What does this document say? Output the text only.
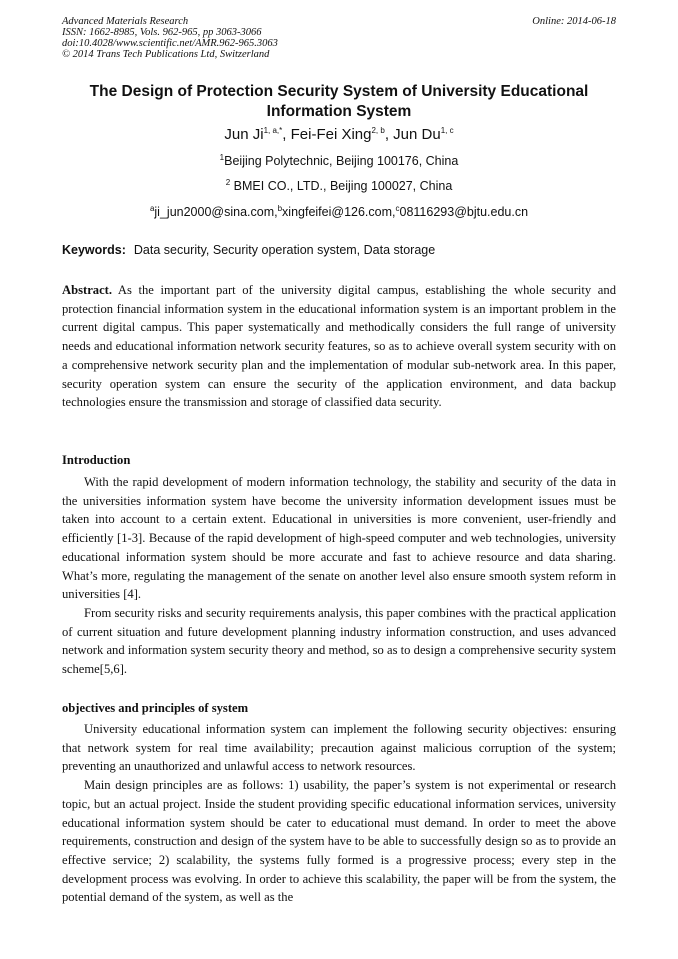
Advanced Materials Research
ISSN: 1662-8985, Vols. 962-965, pp 3063-3066
doi:10.4028/www.scientific.net/AMR.962-965.3063
© 2014 Trans Tech Publications Ltd, Switzerland
Online: 2014-06-18
The Design of Protection Security System of University Educational Information System
Jun $Ji^{1, a,*}$, Fei-Fei Xing$^{2, b}$, Jun Du$^{1, c}$
$^1$Beijing Polytechnic, Beijing 100176, China
$^2$ BMEI CO., LTD., Beijing 100027, China
$^a$ji_jun2000@sina.com,$^b$xingfeifei@126.com,$^c$08116293@bjtu.edu.cn
Keywords: Data security, Security operation system, Data storage
Abstract. As the important part of the university digital campus, establishing the whole security and protection financial information system in the educational information system is an important problem in the current digital campus. This paper systematically and methodically considers the full range of university needs and educational information network security features, so as to achieve overall system security with on a comprehensive network security plan and the implementation of modular sub-network area. In this paper, security operation system can ensure the security of the application environment, and data backup technologies ensure the transmission and storage of classified data security.
Introduction

With the rapid development of modern information technology, the stability and security of the data in the universities information system have become the university information development issues must be taken into account to a certain extent. Educational in universities is more convenient, user-friendly and efficiently [1-3]. Because of the rapid development of high-speed computer and web technologies, university educational information system should be more accurate and fast to achieve resource and data sharing. What’s more, regulating the management of the senate on another level also ensure smooth system reform in universities [4].

From security risks and security requirements analysis, this paper combines with the practical application of current situation and future development planning industry information construction, and uses advanced network and information system security theory and method, so as to design a comprehensive security system scheme[5,6].

objectives and principles of system

University educational information system can implement the following security objectives: ensuring that network system for real time availability; precaution against malicious corruption of the system; preventing an unauthorized and unlawful access to network resources.

Main design principles are as follows: 1) usability, the paper’s system is not experimental or research topic, but an actual project. Inside the student providing specific educational information services, university educational information system should be cater to educational must demand. In order to meet the above requirements, construction and design of the system have to be able to successfully design so as to provide an effective service; 2) scalability, the systems fully formed is a progressive process; every step in the development process was evolving. In order to achieve this scalability, the paper will be from the system, the potential demand of the system, as well as the
